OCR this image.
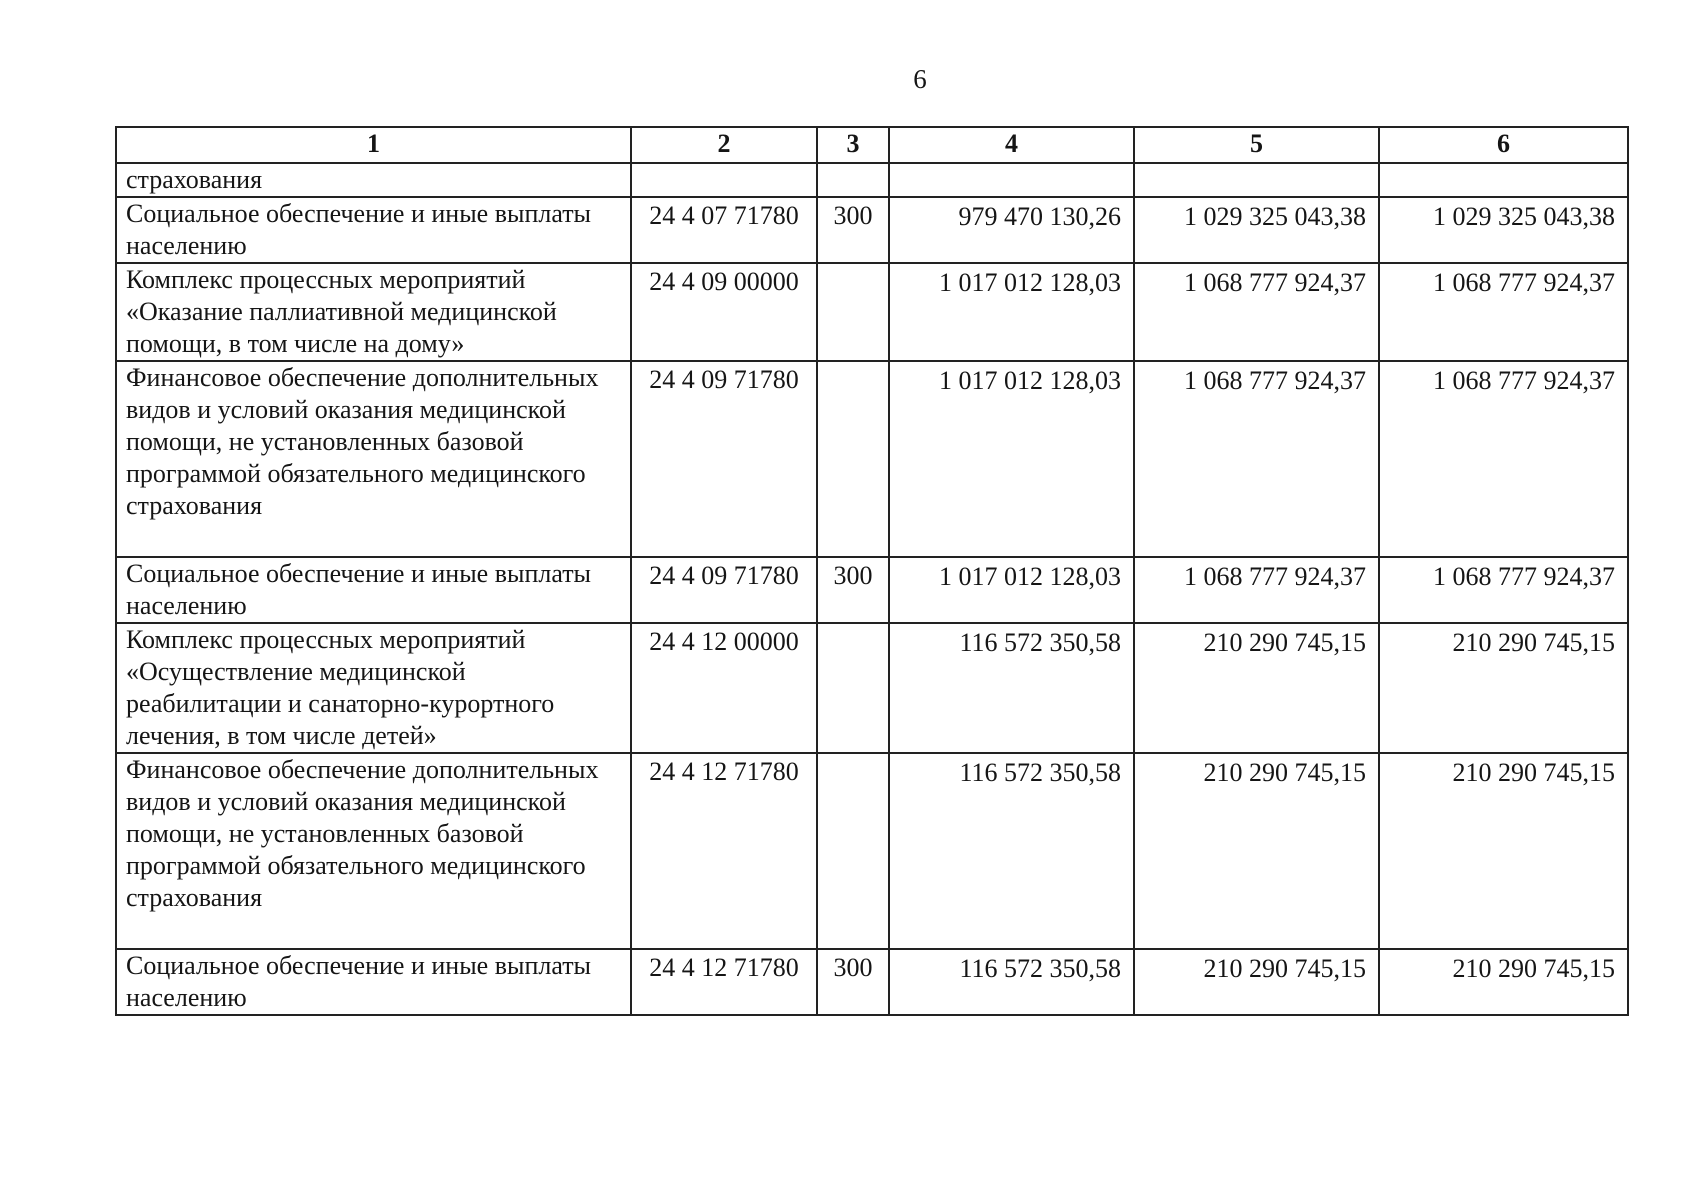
6
1	2	3	4	5	6
страхования					
Социальное обеспечение и иные выплаты населению	24 4 07 71780	300	979 470 130,26	1 029 325 043,38	1 029 325 043,38
Комплекс процессных мероприятий «Оказание паллиативной медицинской помощи, в том числе на дому»	24 4 09 00000		1 017 012 128,03	1 068 777 924,37	1 068 777 924,37
Финансовое обеспечение дополнительных видов и условий оказания медицинской помощи, не установленных базовой программой обязательного медицинского страхования	24 4 09 71780		1 017 012 128,03	1 068 777 924,37	1 068 777 924,37
Социальное обеспечение и иные выплаты населению	24 4 09 71780	300	1 017 012 128,03	1 068 777 924,37	1 068 777 924,37
Комплекс процессных мероприятий «Осуществление медицинской реабилитации и санаторно-курортного лечения, в том числе детей»	24 4 12 00000		116 572 350,58	210 290 745,15	210 290 745,15
Финансовое обеспечение дополнительных видов и условий оказания медицинской помощи, не установленных базовой программой обязательного медицинского страхования	24 4 12 71780		116 572 350,58	210 290 745,15	210 290 745,15
Социальное обеспечение и иные выплаты населению	24 4 12 71780	300	116 572 350,58	210 290 745,15	210 290 745,15
